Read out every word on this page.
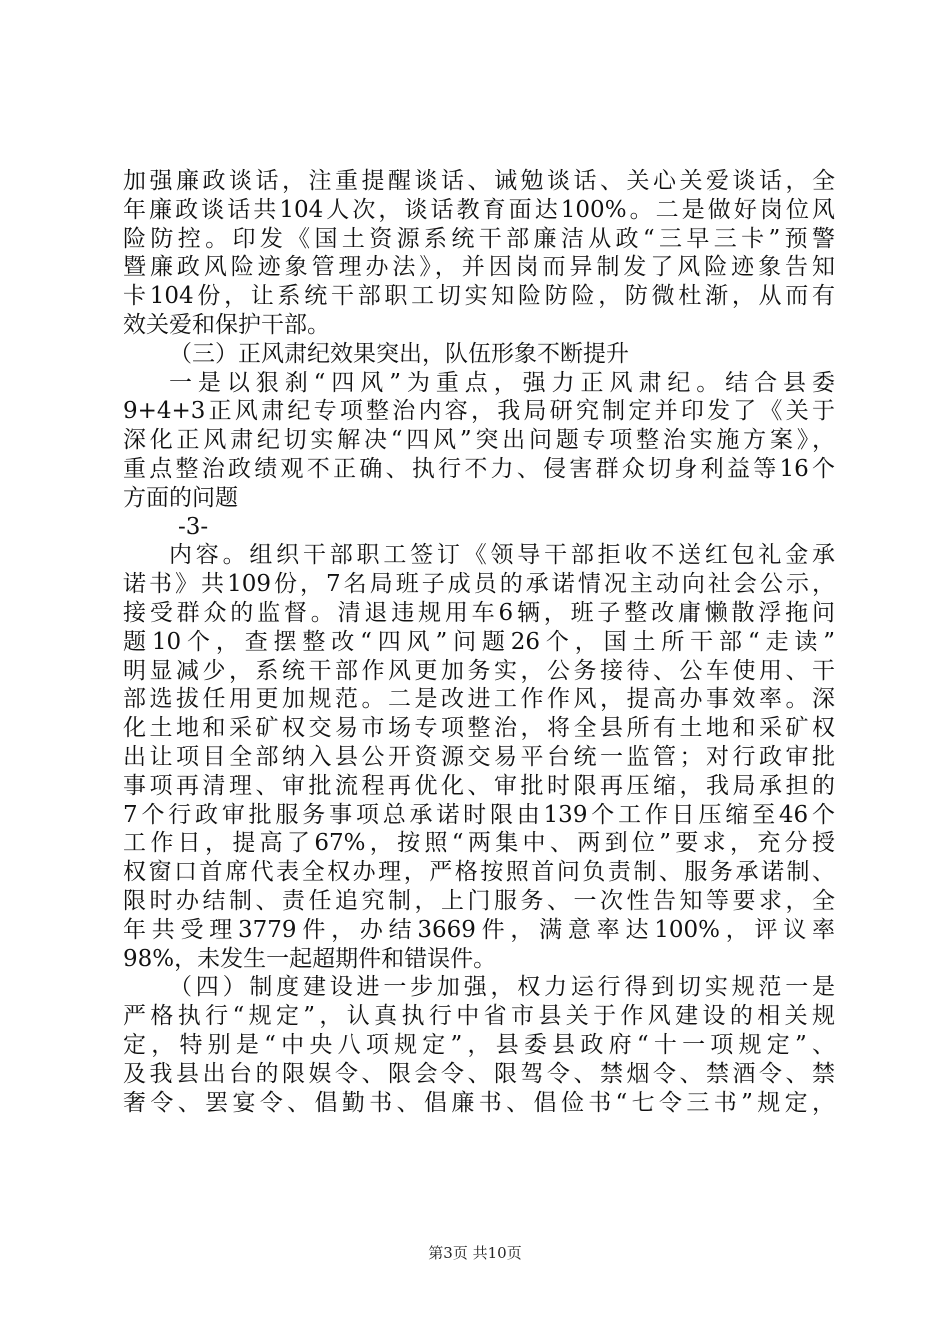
加强廉政谈话，注重提醒谈话、诫勉谈话、关心关爱谈话，全
年廉政谈话共104人次，谈话教育面达100%。二是做好岗位风
险防控。印发《国土资源系统干部廉洁从政“三早三卡”预警
暨廉政风险迹象管理办法》，并因岗而异制发了风险迹象告知
卡104份，让系统干部职工切实知险防险，防微杜渐，从而有
效关爱和保护干部。
（三）正风肃纪效果突出，队伍形象不断提升
一是以狠刹“四风”为重点，强力正风肃纪。结合县委
9+4+3正风肃纪专项整治内容，我局研究制定并印发了《关于
深化正风肃纪切实解决“四风”突出问题专项整治实施方案》，
重点整治政绩观不正确、执行不力、侵害群众切身利益等16个
方面的问题
-3-
内容。组织干部职工签订《领导干部拒收不送红包礼金承
诺书》共109份，7名局班子成员的承诺情况主动向社会公示，
接受群众的监督。清退违规用车6辆，班子整改庸懒散浮拖问
题10个，查摆整改“四风”问题26个，国土所干部“走读”
明显减少，系统干部作风更加务实，公务接待、公车使用、干
部选拔任用更加规范。二是改进工作作风，提高办事效率。深
化土地和采矿权交易市场专项整治，将全县所有土地和采矿权
出让项目全部纳入县公开资源交易平台统一监管；对行政审批
事项再清理、审批流程再优化、审批时限再压缩，我局承担的
7个行政审批服务事项总承诺时限由139个工作日压缩至46个
工作日，提高了67%，按照“两集中、两到位”要求，充分授
权窗口首席代表全权办理，严格按照首问负责制、服务承诺制、
限时办结制、责任追究制，上门服务、一次性告知等要求，全
年共受理3779件，办结3669件，满意率达100%，评议率
98%，未发生一起超期件和错误件。
（四）制度建设进一步加强，权力运行得到切实规范一是
严格执行“规定”，认真执行中省市县关于作风建设的相关规
定，特别是“中央八项规定”，县委县政府“十一项规定”、
及我县出台的限娱令、限会令、限驾令、禁烟令、禁酒令、禁
奢令、罢宴令、倡勤书、倡廉书、倡俭书“七令三书”规定，
第3页 共10页
